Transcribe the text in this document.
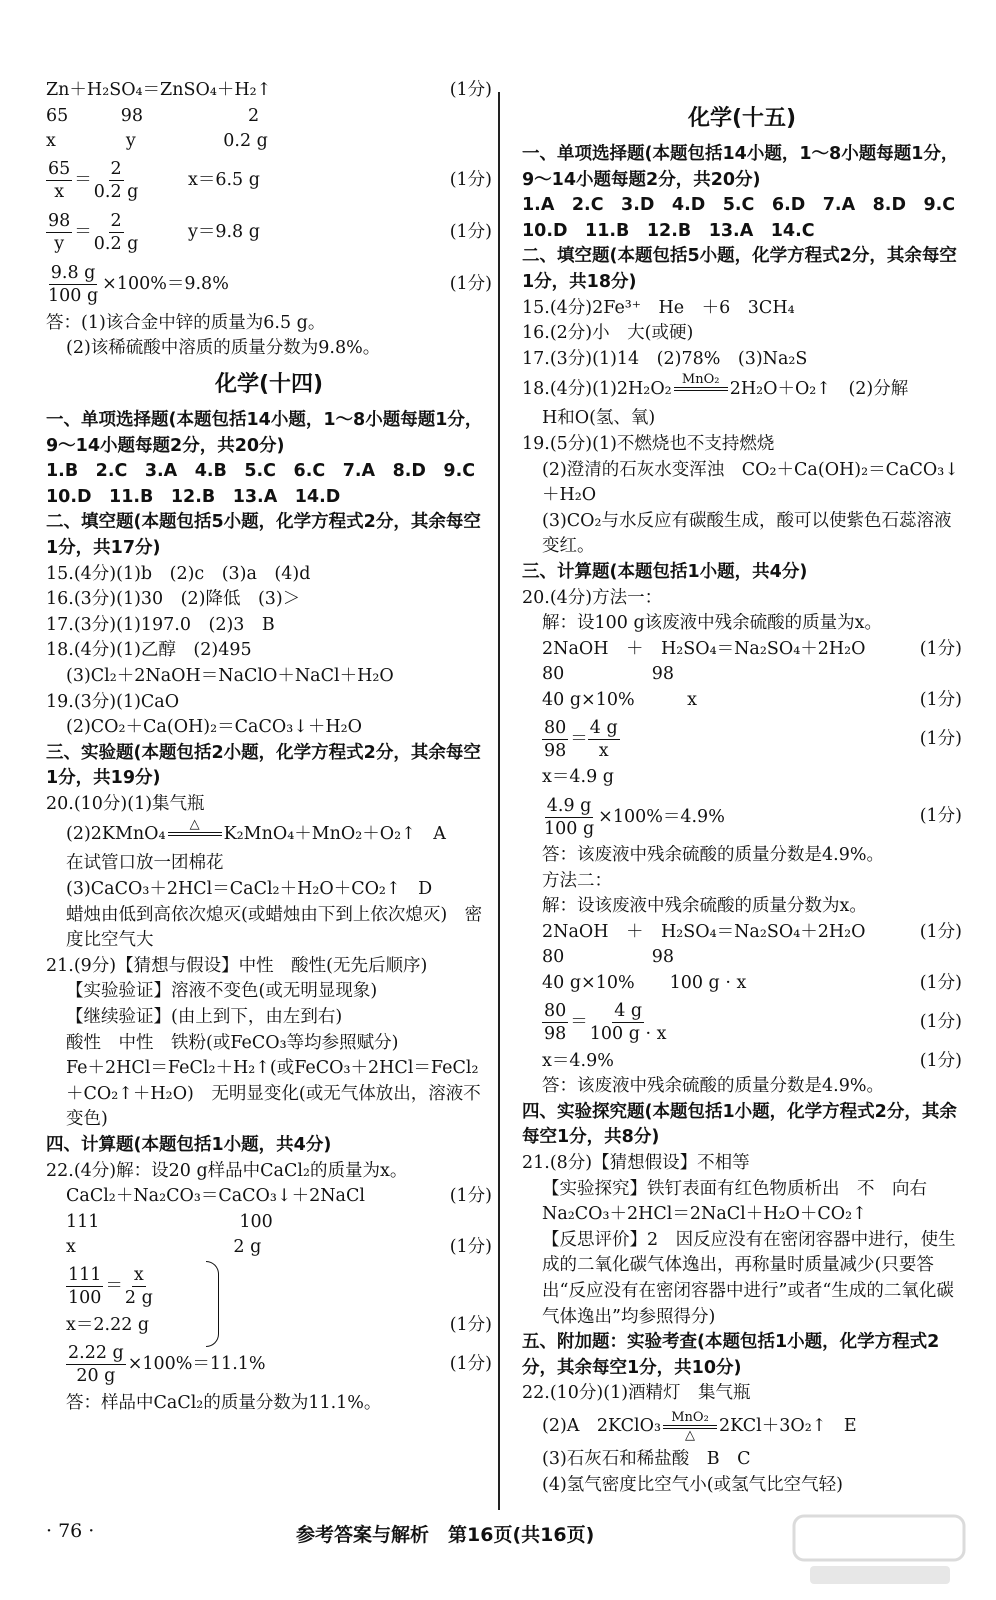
Zn＋H₂SO₄＝ZnSO₄＋H₂↑	(1分)
65　　　98　　　　　　2
x　　　　y　　　　　0.2 g
$\frac{65}{x} = \frac{2}{0.2 g}$	x＝6.5 g	(1分)
$\frac{98}{y} = \frac{2}{0.2 g}$	y＝9.8 g	(1分)
$\frac{9.8 g}{100 g} \times 100\%=9.8\%$	(1分)
答：(1)该合金中锌的质量为6.5 g。
(2)该稀硫酸中溶质的质量分数为9.8%。
化学(十四)
一、单项选择题(本题包括14小题，1～8小题每题1分，9～14小题每题2分，共20分)
1.B　2.C　3.A　4.B　5.C　6.C　7.A　8.D　9.C
10.D　11.B　12.B　13.A　14.D
二、填空题(本题包括5小题，化学方程式2分，其余每空1分，共17分)
15.(4分)(1)b　(2)c　(3)a　(4)d
16.(3分)(1)30　(2)降低　(3)＞
17.(3分)(1)197.0　(2)3　B
18.(4分)(1)乙醇　(2)495
(3)Cl₂＋2NaOH＝NaClO＋NaCl＋H₂O
19.(3分)(1)CaO
(2)CO₂＋Ca(OH)₂＝CaCO₃↓＋H₂O
三、实验题(本题包括2小题，化学方程式2分，其余每空1分，共19分)
20.(10分)(1)集气瓶
(2)2KMnO₄ △
K₂MnO₄＋MnO₂＋O₂↑　A
在试管口放一团棉花
(3)CaCO₃＋2HCl＝CaCl₂＋H₂O＋CO₂↑　D
蜡烛由低到高依次熄灭(或蜡烛由下到上依次熄灭)　密度比空气大
21.(9分)【猜想与假设】中性　酸性(无先后顺序)
【实验验证】溶液不变色(或无明显现象)
【继续验证】(由上到下，由左到右)
酸性　中性　铁粉(或FeCO₃等均参照赋分)
Fe＋2HCl＝FeCl₂＋H₂↑(或FeCO₃＋2HCl＝FeCl₂＋CO₂↑＋H₂O)　无明显变化(或无气体放出，溶液不变色)
四、计算题(本题包括1小题，共4分)
22.(4分)解：设20 g样品中CaCl₂的质量为x。
CaCl₂＋Na₂CO₃＝CaCO₃↓＋2NaCl	(1分)
111　　　　　　　　100
x　　　　　　　　　2 g	(1分)
$\frac{111}{100} = \frac{x}{2 g}$
x＝2.22 g	(1分)
$\frac{2.22 g}{20 g} \times 100\%=11.1\%$	(1分)
答：样品中CaCl₂的质量分数为11.1%。
化学(十五)
一、单项选择题(本题包括14小题，1～8小题每题1分，9～14小题每题2分，共20分)
1.A　2.C　3.D　4.D　5.C　6.D　7.A　8.D　9.C
10.D　11.B　12.B　13.A　14.C
二、填空题(本题包括5小题，化学方程式2分，其余每空1分，共18分)
15.(4分)2Fe³⁺　He　＋6　3CH₄
16.(2分)小　大(或硬)
17.(3分)(1)14　(2)78%　(3)Na₂S
18.(4分)(1)2H₂O₂ MnO₂
2H₂O＋O₂↑　(2)分解
H和O(氢、氧)
19.(5分)(1)不燃烧也不支持燃烧
(2)澄清的石灰水变浑浊　CO₂＋Ca(OH)₂＝CaCO₃↓＋H₂O
(3)CO₂与水反应有碳酸生成，酸可以使紫色石蕊溶液变红。
三、计算题(本题包括1小题，共4分)
20.(4分)方法一：
解：设100 g该废液中残余硫酸的质量为x。
2NaOH　＋　H₂SO₄＝Na₂SO₄＋2H₂O	(1分)
80　　　　　98
40 g×10%　　　x	(1分)
$\frac{80}{98} = \frac{4 g}{x}$	(1分)
x＝4.9 g
$\frac{4.9 g}{100 g} \times 100\%=4.9\%$	(1分)
答：该废液中残余硫酸的质量分数是4.9%。
方法二：
解：设该废液中残余硫酸的质量分数为x。
2NaOH　＋　H₂SO₄＝Na₂SO₄＋2H₂O	(1分)
80　　　　　98
40 g×10%　　100 g · x	(1分)
$\frac{80}{98} = \frac{4 g}{100 g \cdot x}$	(1分)
x＝4.9%	(1分)
答：该废液中残余硫酸的质量分数是4.9%。
四、实验探究题(本题包括1小题，化学方程式2分，其余每空1分，共8分)
21.(8分)【猜想假设】不相等
【实验探究】铁钉表面有红色物质析出　不　向右　Na₂CO₃＋2HCl＝2NaCl＋H₂O＋CO₂↑
【反思评价】2　因反应没有在密闭容器中进行，使生成的二氧化碳气体逸出，再称量时质量减少(只要答出“反应没有在密闭容器中进行”或者“生成的二氧化碳气体逸出”均参照得分)
五、附加题：实验考查(本题包括1小题，化学方程式2分，其余每空1分，共10分)
22.(10分)(1)酒精灯　集气瓶
(2)A　2KClO₃ MnO₂
△ 2KCl＋3O₂↑　E
(3)石灰石和稀盐酸　B　C
(4)氢气密度比空气小(或氢气比空气轻)
· 76 ·	参考答案与解析　第16页(共16页)
